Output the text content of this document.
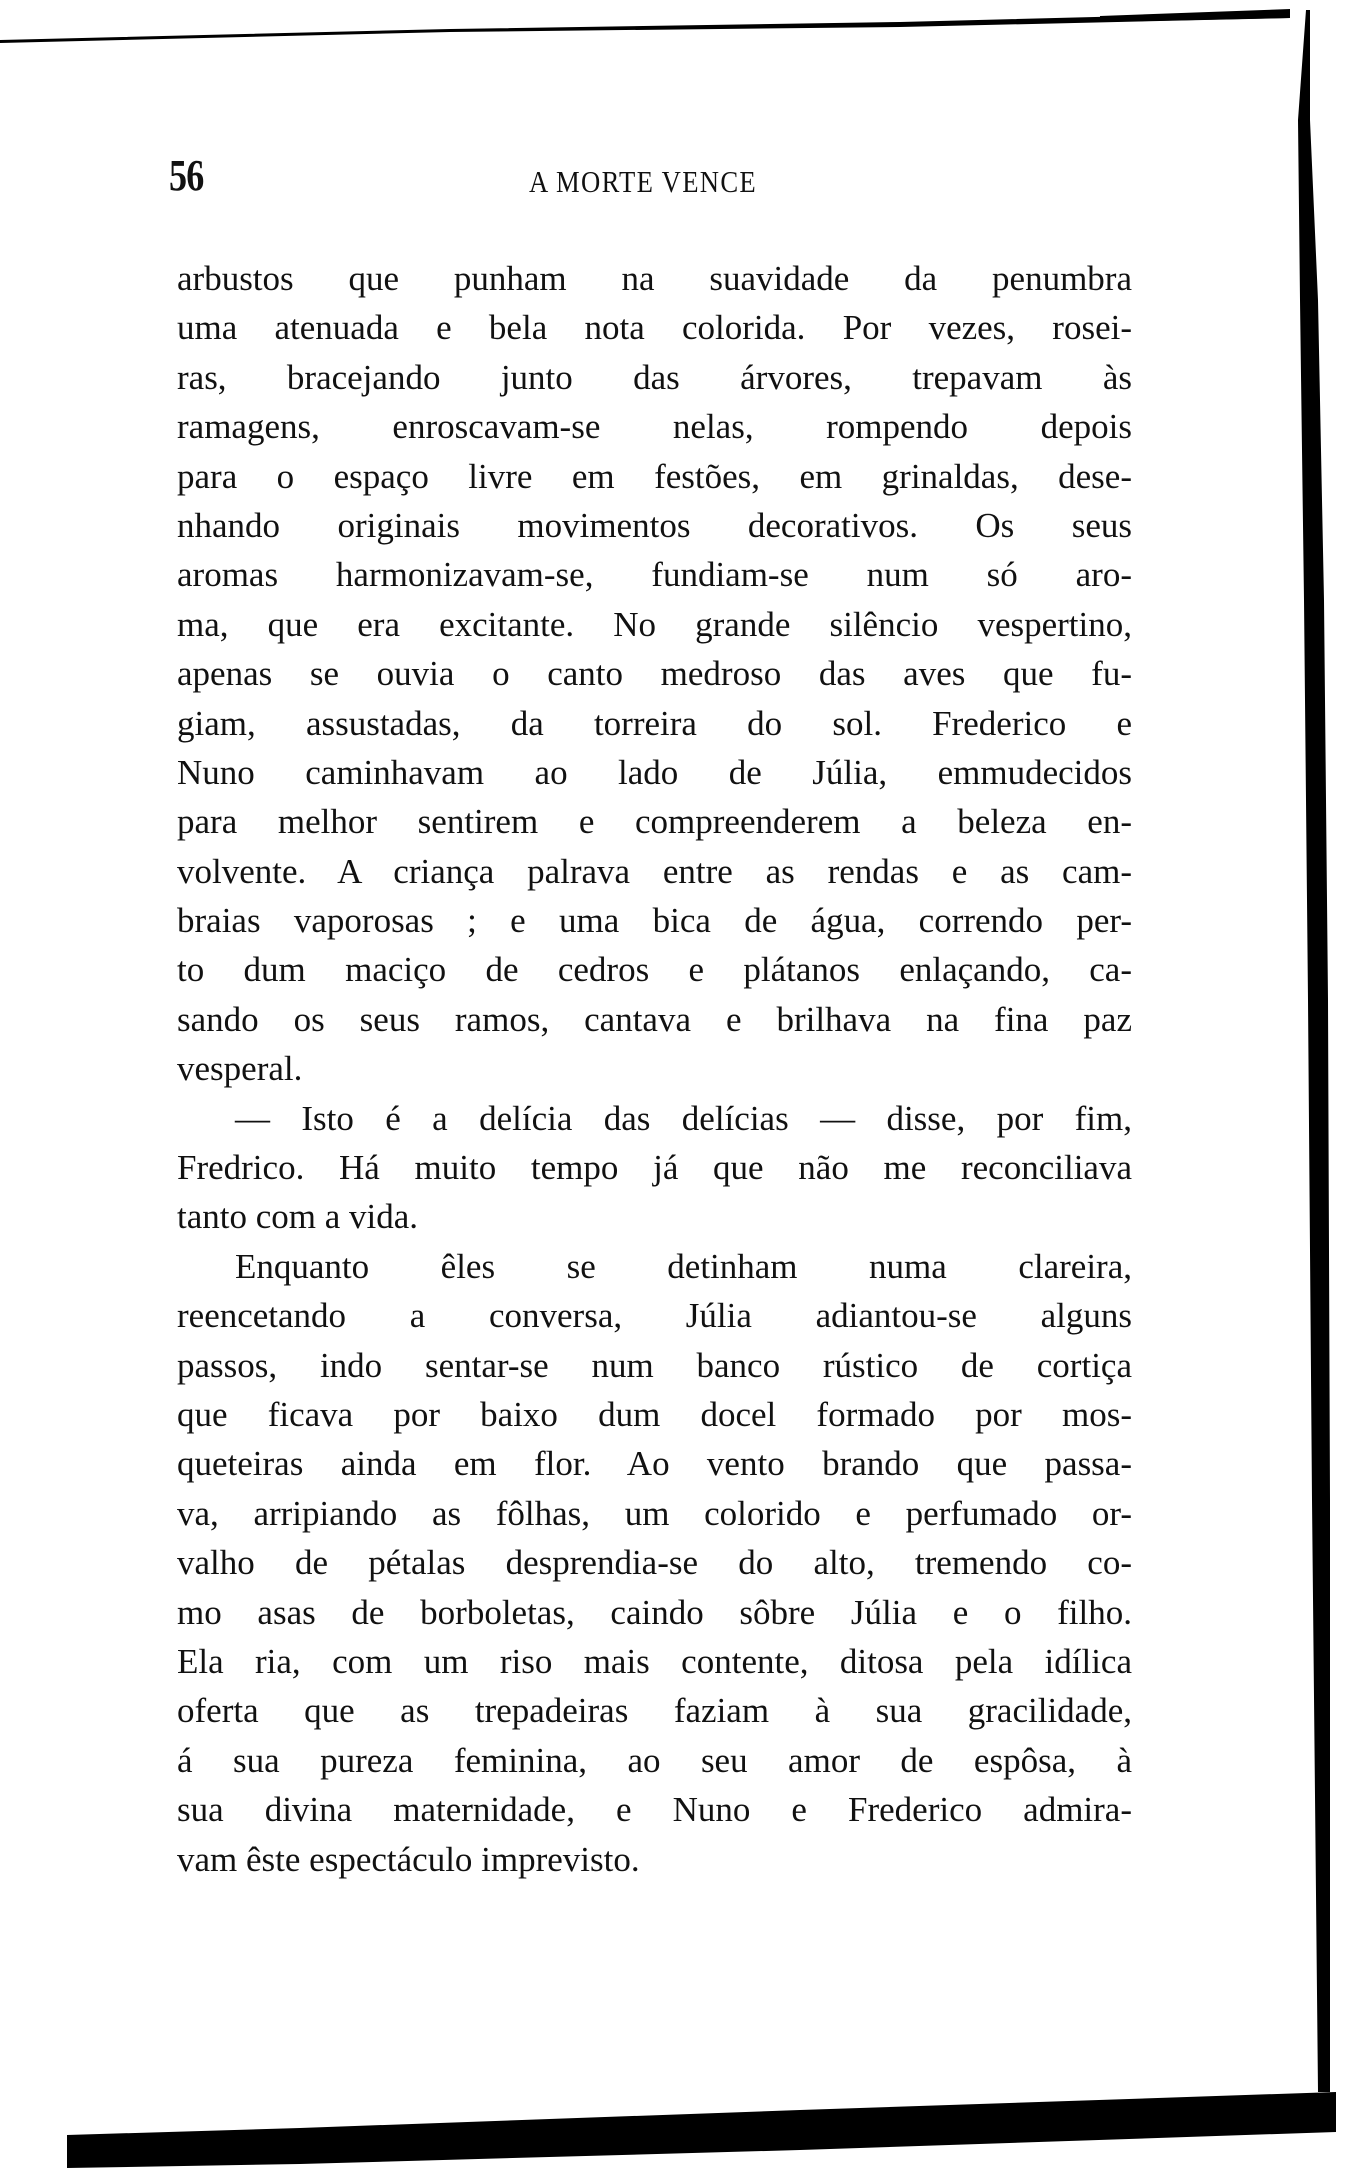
56	A MORTE VENCE
arbustos que punham na suavidade da penumbra
uma atenuada e bela nota colorida. Por vezes, rosei-
ras, bracejando junto das árvores, trepavam às
ramagens, enroscavam-se nelas, rompendo depois
para o espaço livre em festões, em grinaldas, dese-
nhando originais movimentos decorativos. Os seus
aromas harmonizavam-se, fundiam-se num só aro-
ma, que era excitante. No grande silêncio vespertino,
apenas se ouvia o canto medroso das aves que fu-
giam, assustadas, da torreira do sol. Frederico e
Nuno caminhavam ao lado de Júlia, emmudecidos
para melhor sentirem e compreenderem a beleza en-
volvente. A criança palrava entre as rendas e as cam-
braias vaporosas ; e uma bica de água, correndo per-
to dum maciço de cedros e plátanos enlaçando, ca-
sando os seus ramos, cantava e brilhava na fina paz
vesperal.
— Isto é a delícia das delícias — disse, por fim,
Fredrico. Há muito tempo já que não me reconciliava
tanto com a vida.
Enquanto êles se detinham numa clareira,
reencetando a conversa, Júlia adiantou-se alguns
passos, indo sentar-se num banco rústico de cortiça
que ficava por baixo dum docel formado por mos-
queteiras ainda em flor. Ao vento brando que passa-
va, arripiando as fôlhas, um colorido e perfumado or-
valho de pétalas desprendia-se do alto, tremendo co-
mo asas de borboletas, caindo sôbre Júlia e o filho.
Ela ria, com um riso mais contente, ditosa pela idílica
oferta que as trepadeiras faziam à sua gracilidade,
á sua pureza feminina, ao seu amor de espôsa, à
sua divina maternidade, e Nuno e Frederico admira-
vam êste espectáculo imprevisto.
